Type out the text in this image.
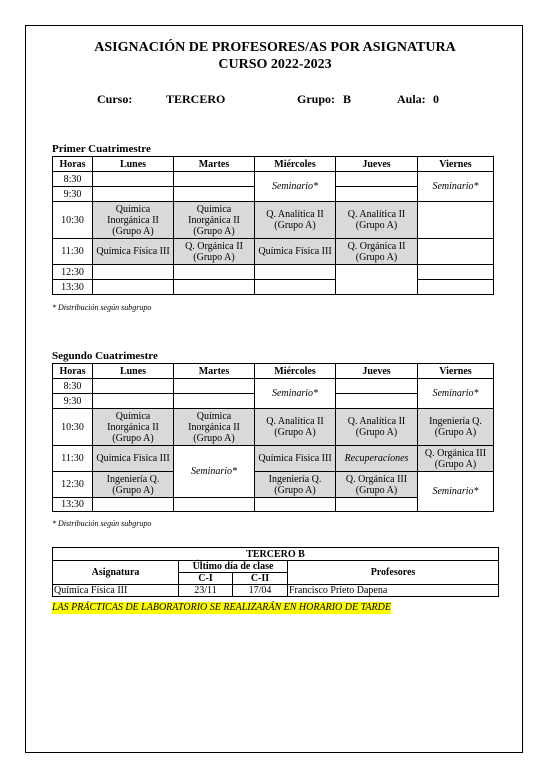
ASIGNACIÓN DE PROFESORES/AS POR ASIGNATURA
CURSO 2022-2023
Curso:	TERCERO	Grupo: B	Aula: 0
Primer Cuatrimestre
Horas	Lunes	Martes	Miércoles	Jueves	Viernes
8:30			Seminario*		Seminario*
9:30					
10:30	Química Inorgánica II (Grupo A)	Química Inorgánica II (Grupo A)	Q. Analítica II (Grupo A)	Q. Analítica II (Grupo A)	
11:30	Química Física III	Q. Orgánica II (Grupo A)	Química Física III	Q. Orgánica II (Grupo A)	
12:30					
13:30					
* Distribución según subgrupo
Segundo Cuatrimestre
Horas	Lunes	Martes	Miércoles	Jueves	Viernes
8:30			Seminario*		Seminario*
9:30					
10:30	Química Inorgánica II (Grupo A)	Química Inorgánica II (Grupo A)	Q. Analítica II (Grupo A)	Q. Analítica II (Grupo A)	Ingeniería Q. (Grupo A)
11:30	Química Física III	Seminario*	Química Física III	Recuperaciones	Q. Orgánica III (Grupo A)
12:30	Ingeniería Q. (Grupo A)		Ingeniería Q. (Grupo A)	Q. Orgánica III (Grupo A)	Seminario*
13:30					
* Distribución según subgrupo
TERCERO B			
Asignatura	Último día de clase		Profesores
	C-I	C-II	
Química Física III	23/11	17/04	Francisco Prieto Dapena
LAS PRÁCTICAS DE LABORATORIO SE REALIZARÁN EN HORARIO DE TARDE
